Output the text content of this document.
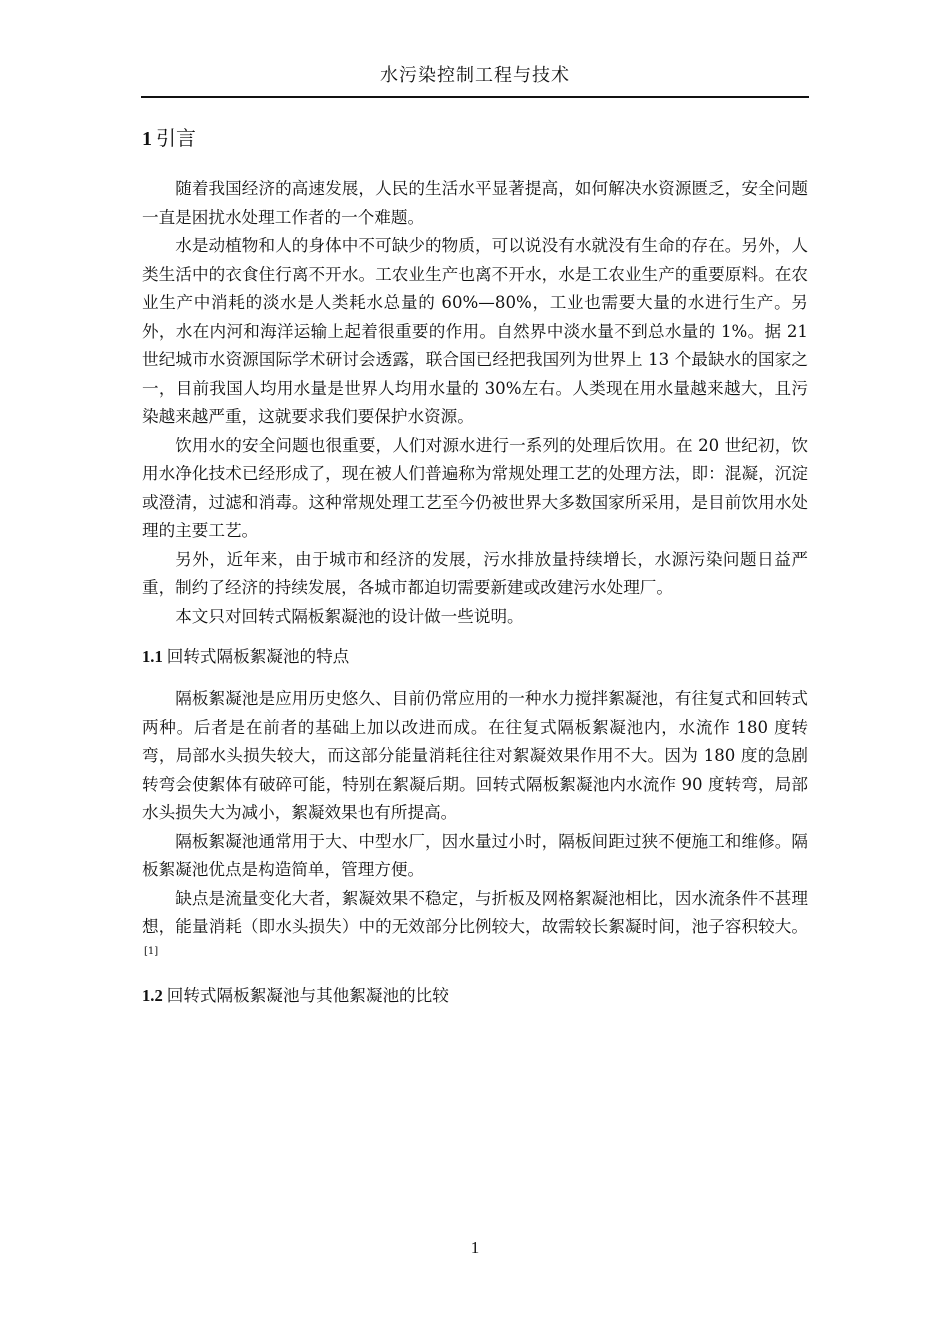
水污染控制工程与技术
1 引言

随着我国经济的高速发展，人民的生活水平显著提高，如何解决水资源匮乏，安全问题一直是困扰水处理工作者的一个难题。

水是动植物和人的身体中不可缺少的物质，可以说没有水就没有生命的存在。另外，人类生活中的衣食住行离不开水。工农业生产也离不开水，水是工农业生产的重要原料。在农业生产中消耗的淡水是人类耗水总量的 60%—80%，工业也需要大量的水进行生产。另外，水在内河和海洋运输上起着很重要的作用。自然界中淡水量不到总水量的 1%。据 21 世纪城市水资源国际学术研讨会透露，联合国已经把我国列为世界上 13 个最缺水的国家之一，目前我国人均用水量是世界人均用水量的 30%左右。人类现在用水量越来越大，且污染越来越严重，这就要求我们要保护水资源。

饮用水的安全问题也很重要，人们对源水进行一系列的处理后饮用。在 20 世纪初，饮用水净化技术已经形成了，现在被人们普遍称为常规处理工艺的处理方法，即：混凝，沉淀或澄清，过滤和消毒。这种常规处理工艺至今仍被世界大多数国家所采用，是目前饮用水处理的主要工艺。

另外，近年来，由于城市和经济的发展，污水排放量持续增长，水源污染问题日益严重，制约了经济的持续发展，各城市都迫切需要新建或改建污水处理厂。

本文只对回转式隔板絮凝池的设计做一些说明。

1.1 回转式隔板絮凝池的特点

隔板絮凝池是应用历史悠久、目前仍常应用的一种水力搅拌絮凝池，有往复式和回转式两种。后者是在前者的基础上加以改进而成。在往复式隔板絮凝池内，水流作 180 度转弯，局部水头损失较大，而这部分能量消耗往往对絮凝效果作用不大。因为 180 度的急剧转弯会使絮体有破碎可能，特别在絮凝后期。回转式隔板絮凝池内水流作 90 度转弯，局部水头损失大为减小，絮凝效果也有所提高。

隔板絮凝池通常用于大、中型水厂，因水量过小时，隔板间距过狭不便施工和维修。隔板絮凝池优点是构造简单，管理方便。

缺点是流量变化大者，絮凝效果不稳定，与折板及网格絮凝池相比，因水流条件不甚理想，能量消耗（即水头损失）中的无效部分比例较大，故需较长絮凝时间，池子容积较大。[1]

1.2 回转式隔板絮凝池与其他絮凝池的比较
1
